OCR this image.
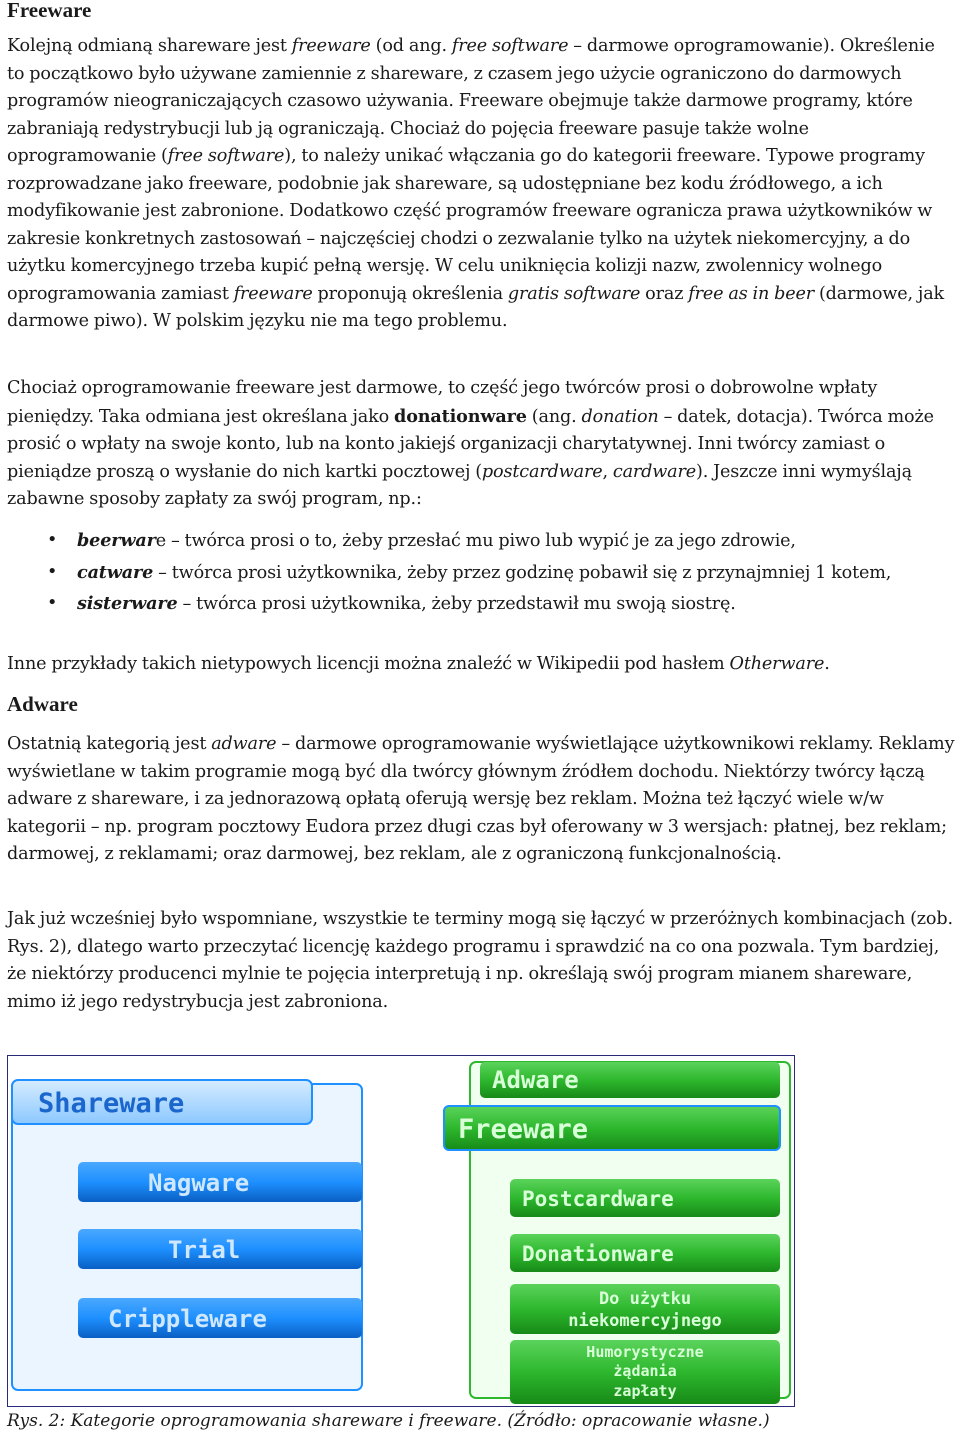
Freeware

Kolejną odmianą shareware jest freeware (od ang. free software – darmowe oprogramowanie). Określenie to początkowo było używane zamiennie z shareware, z czasem jego użycie ograniczono do darmowych programów nieograniczających czasowo używania. Freeware obejmuje także darmowe programy, które zabraniają redystrybucji lub ją ograniczają. Chociaż do pojęcia freeware pasuje także wolne oprogramowanie (free software), to należy unikać włączania go do kategorii freeware. Typowe programy rozprowadzane jako freeware, podobnie jak shareware, są udostępniane bez kodu źródłowego, a ich modyfikowanie jest zabronione. Dodatkowo część programów freeware ogranicza prawa użytkowników w zakresie konkretnych zastosowań – najczęściej chodzi o zezwalanie tylko na użytek niekomercyjny, a do użytku komercyjnego trzeba kupić pełną wersję. W celu uniknięcia kolizji nazw, zwolennicy wolnego oprogramowania zamiast freeware proponują określenia gratis software oraz free as in beer (darmowe, jak darmowe piwo). W polskim języku nie ma tego problemu.

Chociaż oprogramowanie freeware jest darmowe, to część jego twórców prosi o dobrowolne wpłaty pieniędzy. Taka odmiana jest określana jako donationware (ang. donation – datek, dotacja). Twórca może prosić o wpłaty na swoje konto, lub na konto jakiejś organizacji charytatywnej. Inni twórcy zamiast o pieniądze proszą o wysłanie do nich kartki pocztowej (postcardware, cardware). Jeszcze inni wymyślają zabawne sposoby zapłaty za swój program, np.:

• beerware – twórca prosi o to, żeby przesłać mu piwo lub wypić je za jego zdrowie,
• catware – twórca prosi użytkownika, żeby przez godzinę pobawił się z przynajmniej 1 kotem,
• sisterware – twórca prosi użytkownika, żeby przedstawił mu swoją siostrę.

Inne przykłady takich nietypowych licencji można znaleźć w Wikipedii pod hasłem Otherware.

Adware

Ostatnią kategorią jest adware – darmowe oprogramowanie wyświetlające użytkownikowi reklamy. Reklamy wyświetlane w takim programie mogą być dla twórcy głównym źródłem dochodu. Niektórzy twórcy łączą adware z shareware, i za jednorazową opłatą oferują wersję bez reklam. Można też łączyć wiele w/w kategorii – np. program pocztowy Eudora przez długi czas był oferowany w 3 wersjach: płatnej, bez reklam; darmowej, z reklamami; oraz darmowej, bez reklam, ale z ograniczoną funkcjonalnością.

Jak już wcześniej było wspomniane, wszystkie te terminy mogą się łączyć w przeróżnych kombinacjach (zob. Rys. 2), dlatego warto przeczytać licencję każdego programu i sprawdzić na co ona pozwala. Tym bardziej, że niektórzy producenci mylnie te pojęcia interpretują i np. określają swój program mianem shareware, mimo iż jego redystrybucja jest zabroniona.

Shareware
Nagware
Trial
Crippleware
Adware
Freeware
Postcardware
Donationware
Do użytku
niekomercyjnego
Humorystyczne
żądania
zapłaty
Rys. 2: Kategorie oprogramowania shareware i freeware. (Źródło: opracowanie własne.)
